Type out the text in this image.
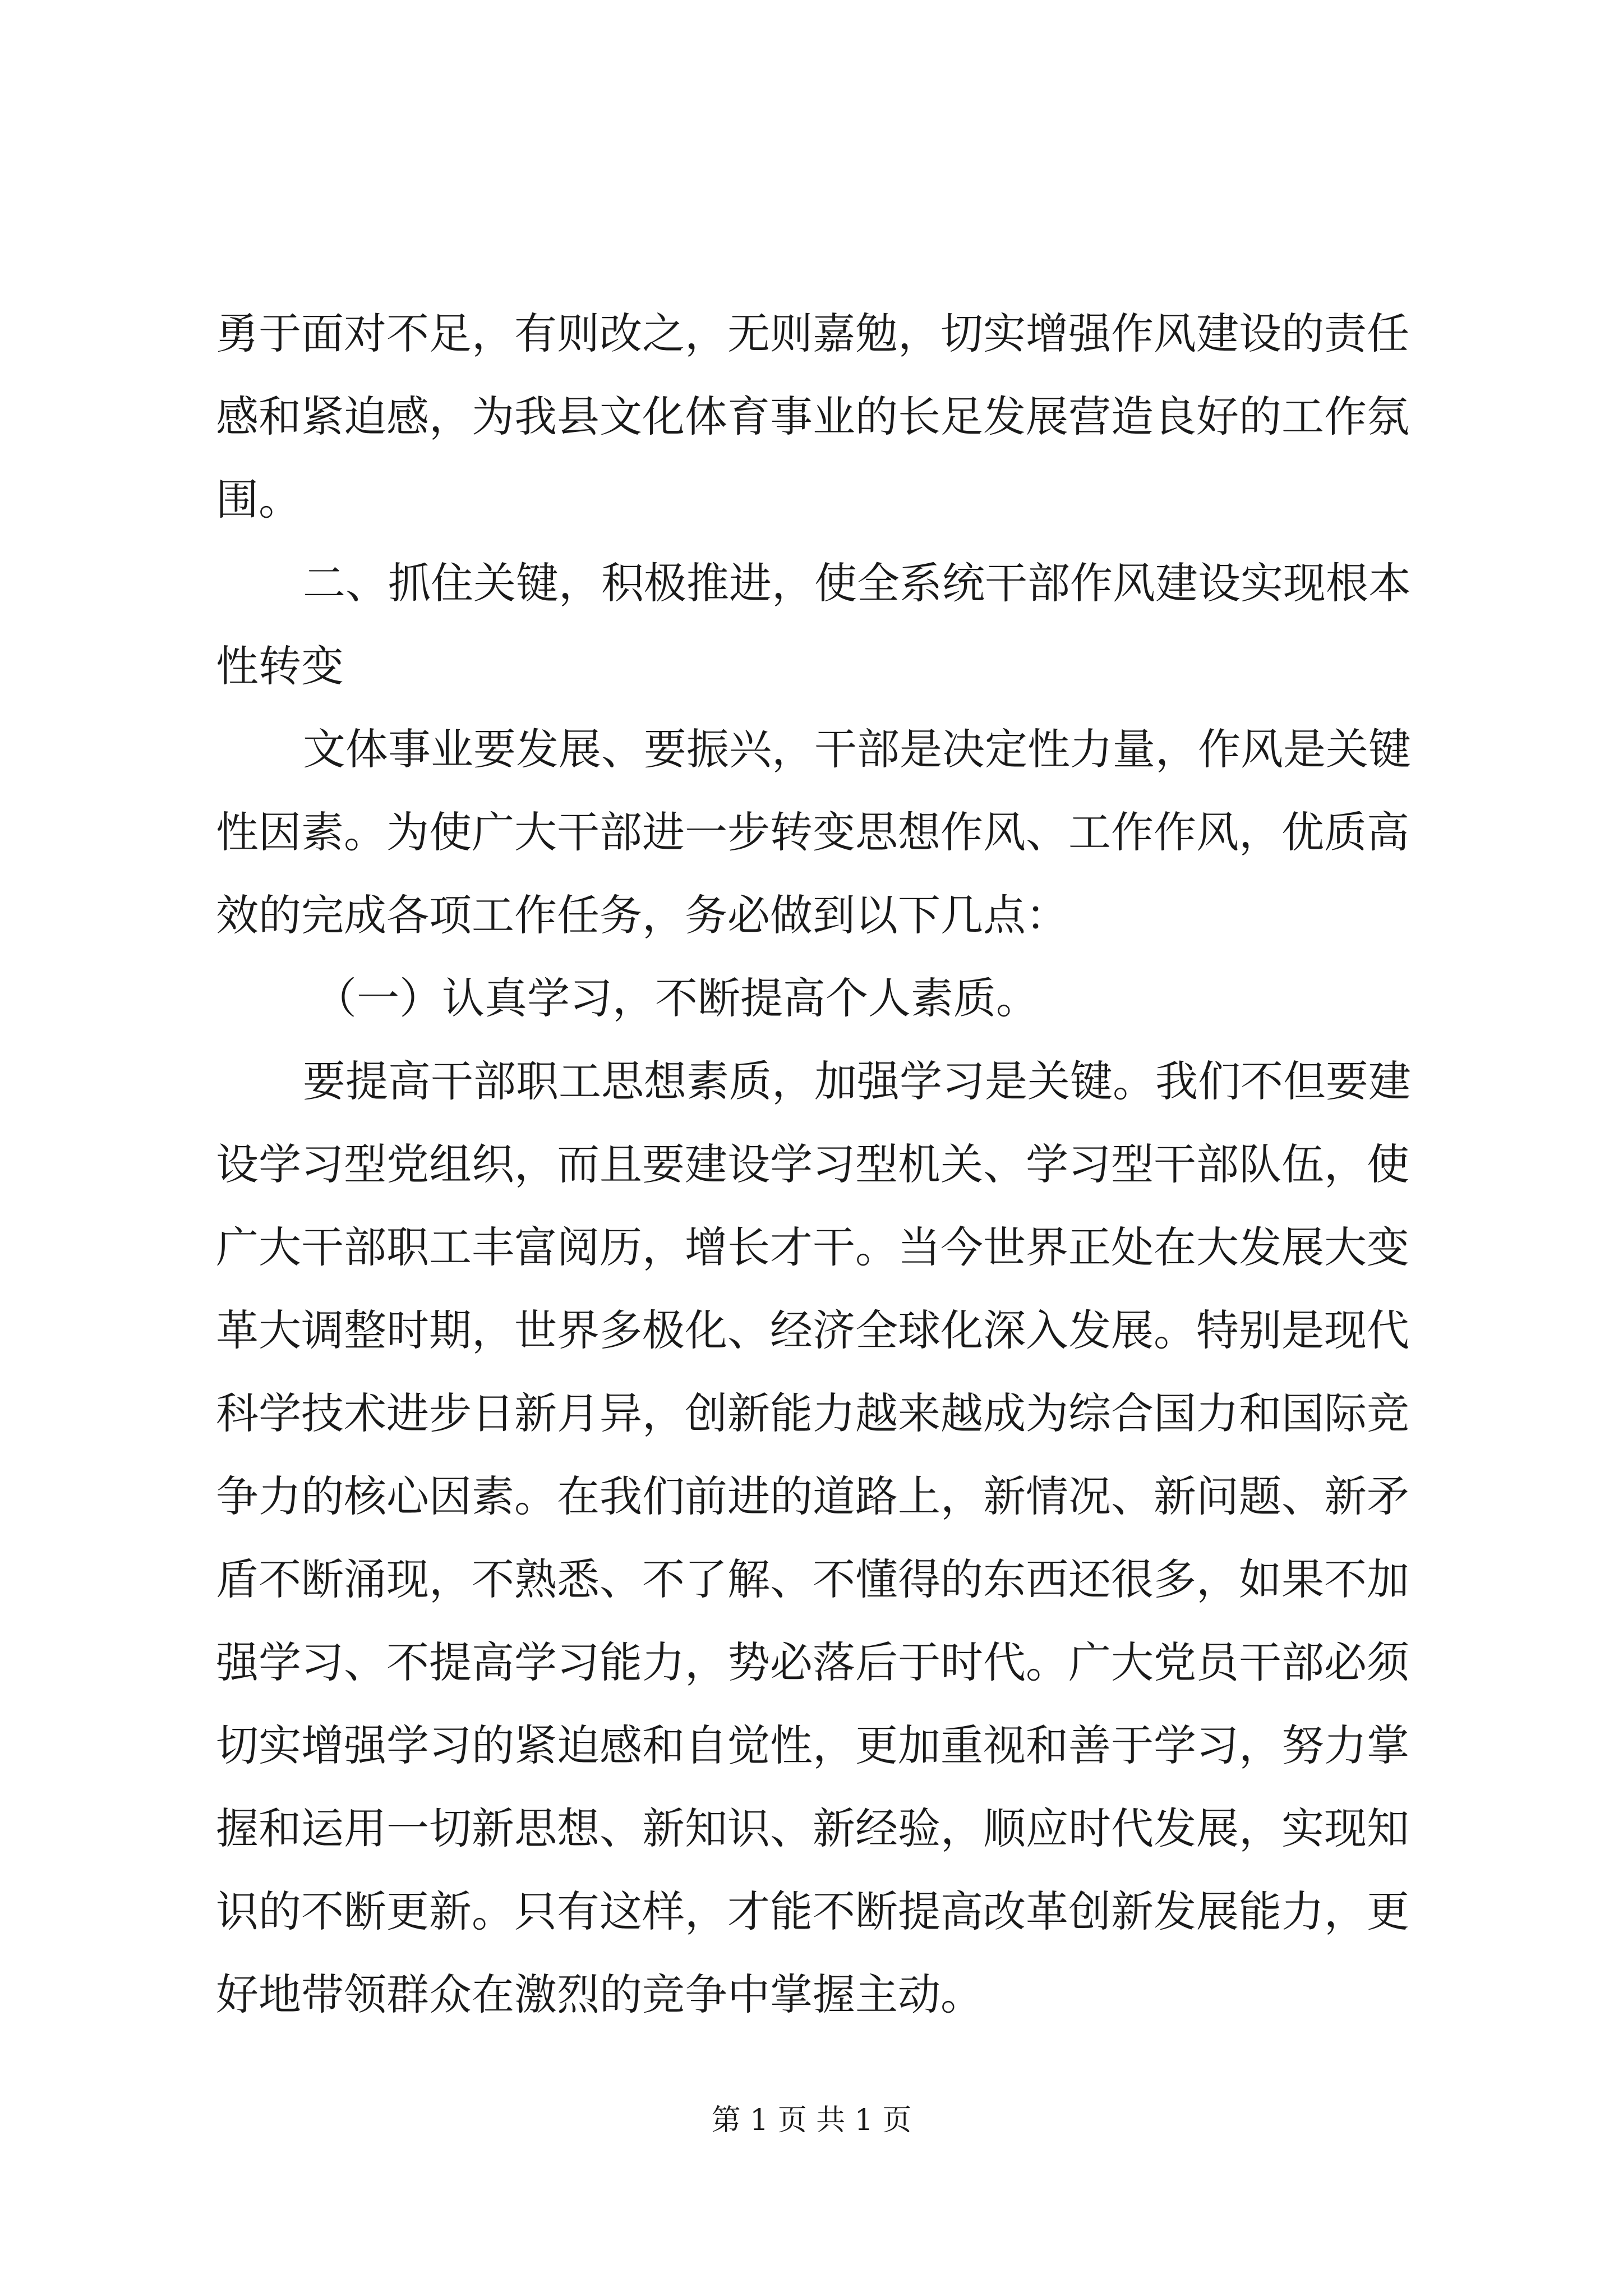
勇于面对不足，有则改之，无则嘉勉，切实增强作风建设的责任
感和紧迫感，为我县文化体育事业的长足发展营造良好的工作氛
围。
二、抓住关键，积极推进，使全系统干部作风建设实现根本
性转变
文体事业要发展、要振兴，干部是决定性力量，作风是关键
性因素。为使广大干部进一步转变思想作风、工作作风，优质高
效的完成各项工作任务，务必做到以下几点：
（一）认真学习，不断提高个人素质。
要提高干部职工思想素质，加强学习是关键。我们不但要建
设学习型党组织，而且要建设学习型机关、学习型干部队伍，使
广大干部职工丰富阅历，增长才干。当今世界正处在大发展大变
革大调整时期，世界多极化、经济全球化深入发展。特别是现代
科学技术进步日新月异，创新能力越来越成为综合国力和国际竞
争力的核心因素。在我们前进的道路上，新情况、新问题、新矛
盾不断涌现，不熟悉、不了解、不懂得的东西还很多，如果不加
强学习、不提高学习能力，势必落后于时代。广大党员干部必须
切实增强学习的紧迫感和自觉性，更加重视和善于学习，努力掌
握和运用一切新思想、新知识、新经验，顺应时代发展，实现知
识的不断更新。只有这样，才能不断提高改革创新发展能力，更
好地带领群众在激烈的竞争中掌握主动。
第 1 页 共 1 页
